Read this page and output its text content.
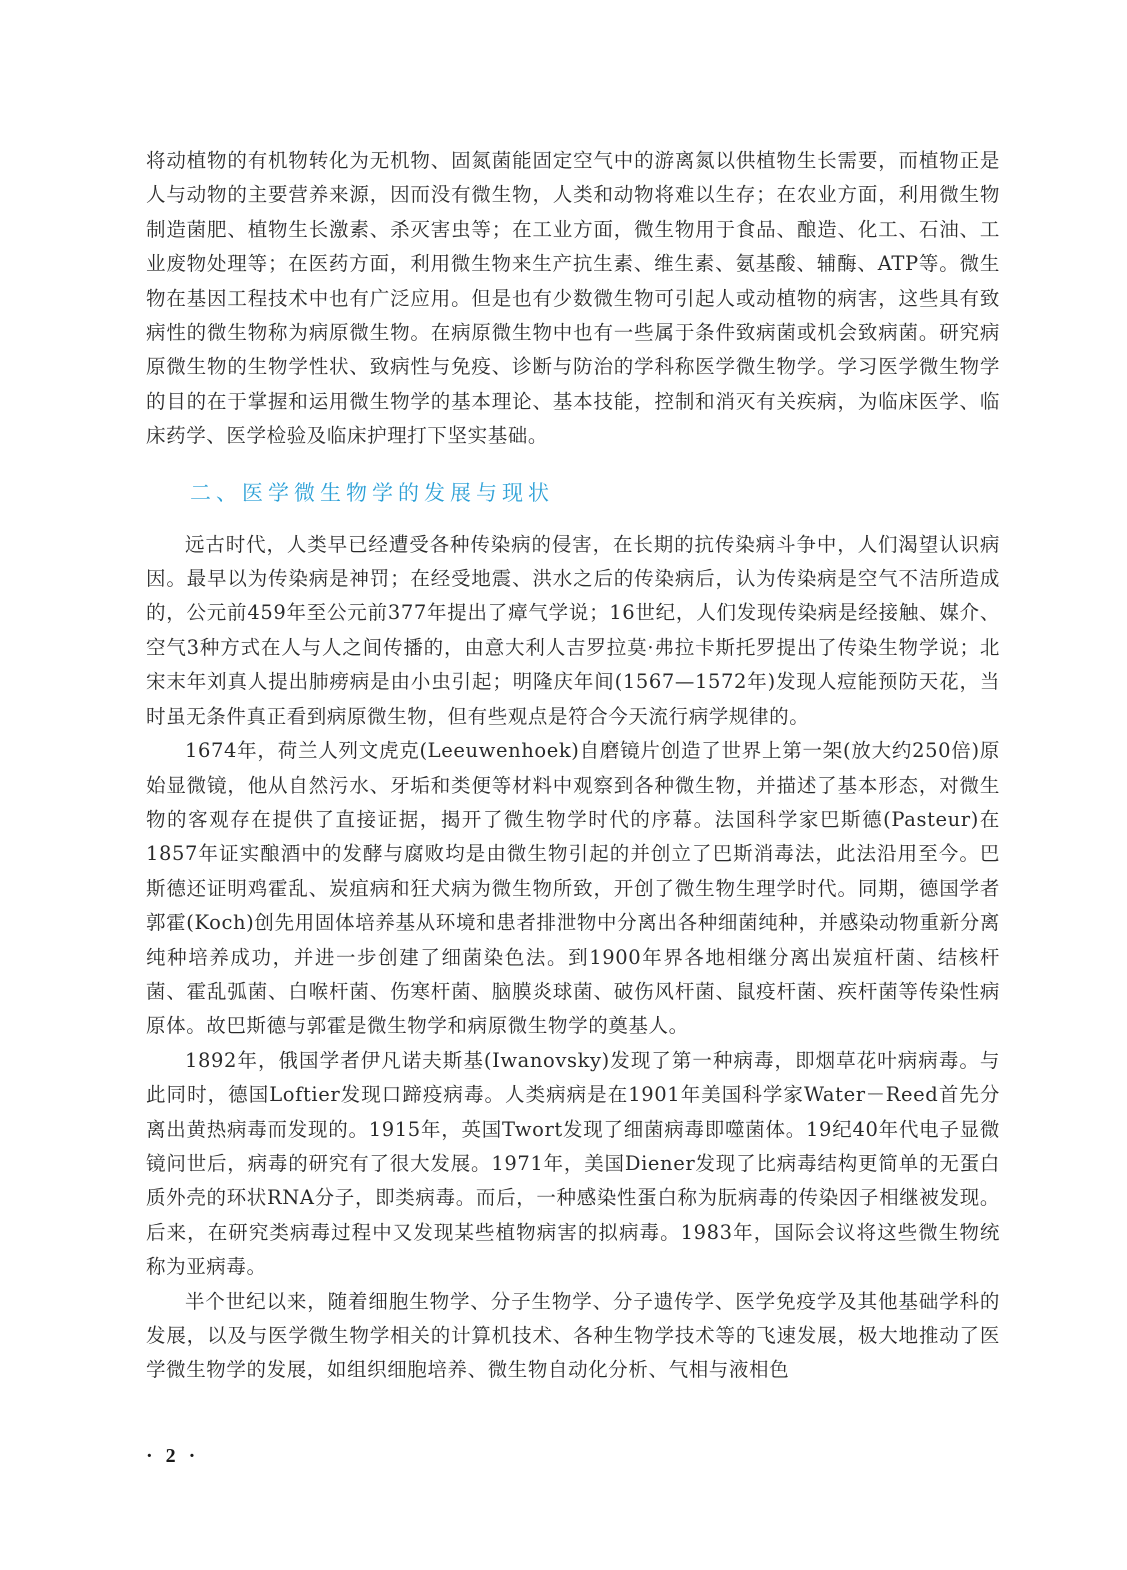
将动植物的有机物转化为无机物、固氮菌能固定空气中的游离氮以供植物生长需要，而植物正是人与动物的主要营养来源，因而没有微生物，人类和动物将难以生存；在农业方面，利用微生物制造菌肥、植物生长激素、杀灭害虫等；在工业方面，微生物用于食品、酿造、化工、石油、工业废物处理等；在医药方面，利用微生物来生产抗生素、维生素、氨基酸、辅酶、ATP等。微生物在基因工程技术中也有广泛应用。但是也有少数微生物可引起人或动植物的病害，这些具有致病性的微生物称为病原微生物。在病原微生物中也有一些属于条件致病菌或机会致病菌。研究病原微生物的生物学性状、致病性与免疫、诊断与防治的学科称医学微生物学。学习医学微生物学的目的在于掌握和运用微生物学的基本理论、基本技能，控制和消灭有关疾病，为临床医学、临床药学、医学检验及临床护理打下坚实基础。

二、医学微生物学的发展与现状

远古时代，人类早已经遭受各种传染病的侵害，在长期的抗传染病斗争中，人们渴望认识病因。最早以为传染病是神罚；在经受地震、洪水之后的传染病后，认为传染病是空气不洁所造成的，公元前459年至公元前377年提出了瘴气学说；16世纪，人们发现传染病是经接触、媒介、空气3种方式在人与人之间传播的，由意大利人吉罗拉莫·弗拉卡斯托罗提出了传染生物学说；北宋末年刘真人提出肺痨病是由小虫引起；明隆庆年间(1567—1572年)发现人痘能预防天花，当时虽无条件真正看到病原微生物，但有些观点是符合今天流行病学规律的。

1674年，荷兰人列文虎克(Leeuwenhoek)自磨镜片创造了世界上第一架(放大约250倍)原始显微镜，他从自然污水、牙垢和类便等材料中观察到各种微生物，并描述了基本形态，对微生物的客观存在提供了直接证据，揭开了微生物学时代的序幕。法国科学家巴斯德(Pasteur)在1857年证实酿酒中的发酵与腐败均是由微生物引起的并创立了巴斯消毒法，此法沿用至今。巴斯德还证明鸡霍乱、炭疽病和狂犬病为微生物所致，开创了微生物生理学时代。同期，德国学者郭霍(Koch)创先用固体培养基从环境和患者排泄物中分离出各种细菌纯种，并感染动物重新分离纯种培养成功，并进一步创建了细菌染色法。到1900年界各地相继分离出炭疽杆菌、结核杆菌、霍乱弧菌、白喉杆菌、伤寒杆菌、脑膜炎球菌、破伤风杆菌、鼠疫杆菌、疾杆菌等传染性病原体。故巴斯德与郭霍是微生物学和病原微生物学的奠基人。

1892年，俄国学者伊凡诺夫斯基(Iwanovsky)发现了第一种病毒，即烟草花叶病病毒。与此同时，德国Loftier发现口蹄疫病毒。人类病病是在1901年美国科学家Water－Reed首先分离出黄热病毒而发现的。1915年，英国Twort发现了细菌病毒即噬菌体。19纪40年代电子显微镜问世后，病毒的研究有了很大发展。1971年，美国Diener发现了比病毒结构更简单的无蛋白质外壳的环状RNA分子，即类病毒。而后，一种感染性蛋白称为朊病毒的传染因子相继被发现。后来，在研究类病毒过程中又发现某些植物病害的拟病毒。1983年，国际会议将这些微生物统称为亚病毒。

半个世纪以来，随着细胞生物学、分子生物学、分子遗传学、医学免疫学及其他基础学科的发展，以及与医学微生物学相关的计算机技术、各种生物学技术等的飞速发展，极大地推动了医学微生物学的发展，如组织细胞培养、微生物自动化分析、气相与液相色

· 2 ·
